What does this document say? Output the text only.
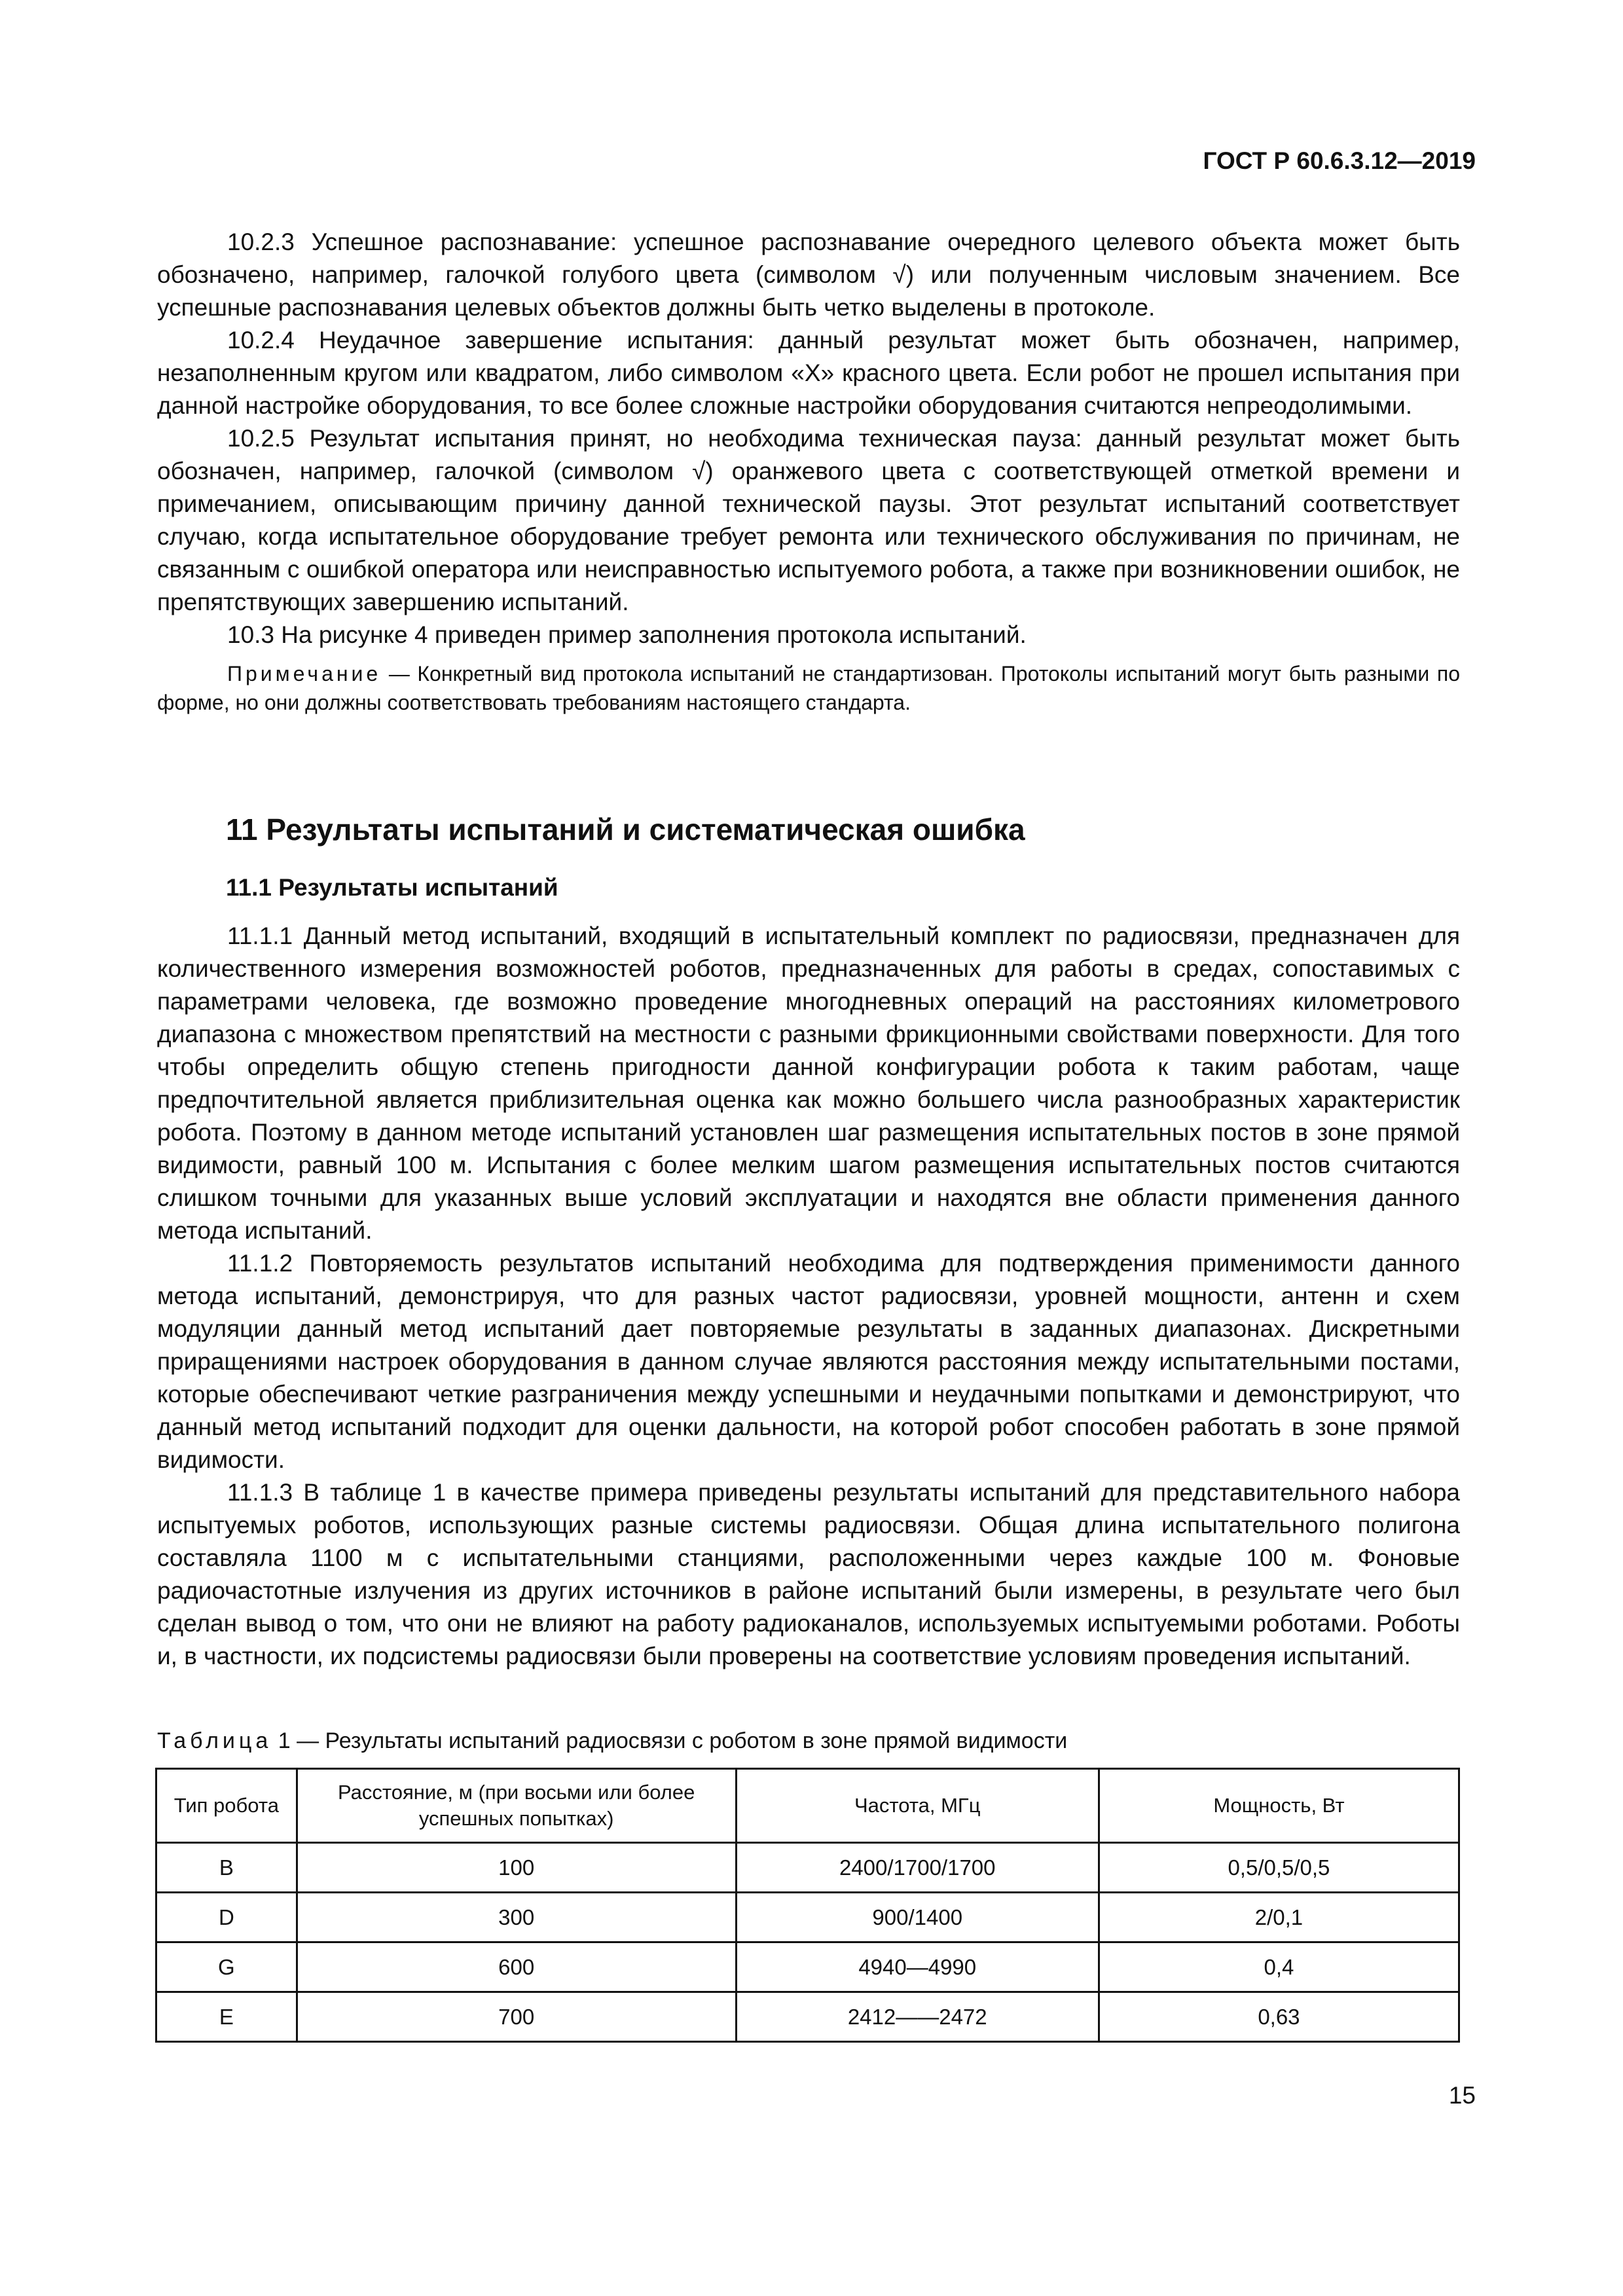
ГОСТ Р 60.6.3.12—2019

10.2.3 Успешное распознавание: успешное распознавание очередного целевого объекта может быть обозначено, например, галочкой голубого цвета (символом √) или полученным числовым значением. Все успешные распознавания целевых объектов должны быть четко выделены в протоколе.

10.2.4 Неудачное завершение испытания: данный результат может быть обозначен, например, незаполненным кругом или квадратом, либо символом «X» красного цвета. Если робот не прошел испытания при данной настройке оборудования, то все более сложные настройки оборудования считаются непреодолимыми.

10.2.5 Результат испытания принят, но необходима техническая пауза: данный результат может быть обозначен, например, галочкой (символом √) оранжевого цвета с соответствующей отметкой времени и примечанием, описывающим причину данной технической паузы. Этот результат испытаний соответствует случаю, когда испытательное оборудование требует ремонта или технического обслуживания по причинам, не связанным с ошибкой оператора или неисправностью испытуемого робота, а также при возникновении ошибок, не препятствующих завершению испытаний.

10.3 На рисунке 4 приведен пример заполнения протокола испытаний.

Примечание — Конкретный вид протокола испытаний не стандартизован. Протоколы испытаний могут быть разными по форме, но они должны соответствовать требованиям настоящего стандарта.

11 Результаты испытаний и систематическая ошибка
11.1 Результаты испытаний

11.1.1 Данный метод испытаний, входящий в испытательный комплект по радиосвязи, предназначен для количественного измерения возможностей роботов, предназначенных для работы в средах, сопоставимых с параметрами человека, где возможно проведение многодневных операций на расстояниях километрового диапазона с множеством препятствий на местности с разными фрикционными свойствами поверхности. Для того чтобы определить общую степень пригодности данной конфигурации робота к таким работам, чаще предпочтительной является приблизительная оценка как можно большего числа разнообразных характеристик робота. Поэтому в данном методе испытаний установлен шаг размещения испытательных постов в зоне прямой видимости, равный 100 м. Испытания с более мелким шагом размещения испытательных постов считаются слишком точными для указанных выше условий эксплуатации и находятся вне области применения данного метода испытаний.

11.1.2 Повторяемость результатов испытаний необходима для подтверждения применимости данного метода испытаний, демонстрируя, что для разных частот радиосвязи, уровней мощности, антенн и схем модуляции данный метод испытаний дает повторяемые результаты в заданных диапазонах. Дискретными приращениями настроек оборудования в данном случае являются расстояния между испытательными постами, которые обеспечивают четкие разграничения между успешными и неудачными попытками и демонстрируют, что данный метод испытаний подходит для оценки дальности, на которой робот способен работать в зоне прямой видимости.

11.1.3 В таблице 1 в качестве примера приведены результаты испытаний для представительного набора испытуемых роботов, использующих разные системы радиосвязи. Общая длина испытательного полигона составляла 1100 м с испытательными станциями, расположенными через каждые 100 м. Фоновые радиочастотные излучения из других источников в районе испытаний были измерены, в результате чего был сделан вывод о том, что они не влияют на работу радиоканалов, используемых испытуемыми роботами. Роботы и, в частности, их подсистемы радиосвязи были проверены на соответствие условиям проведения испытаний.

Таблица 1 — Результаты испытаний радиосвязи с роботом в зоне прямой видимости
Тип робота	Расстояние, м (при восьми или более успешных попытках)	Частота, МГц	Мощность, Вт
B	100	2400/1700/1700	0,5/0,5/0,5
D	300	900/1400	2/0,1
G	600	4940—4990	0,4
E	700	2412——2472	0,63
15
